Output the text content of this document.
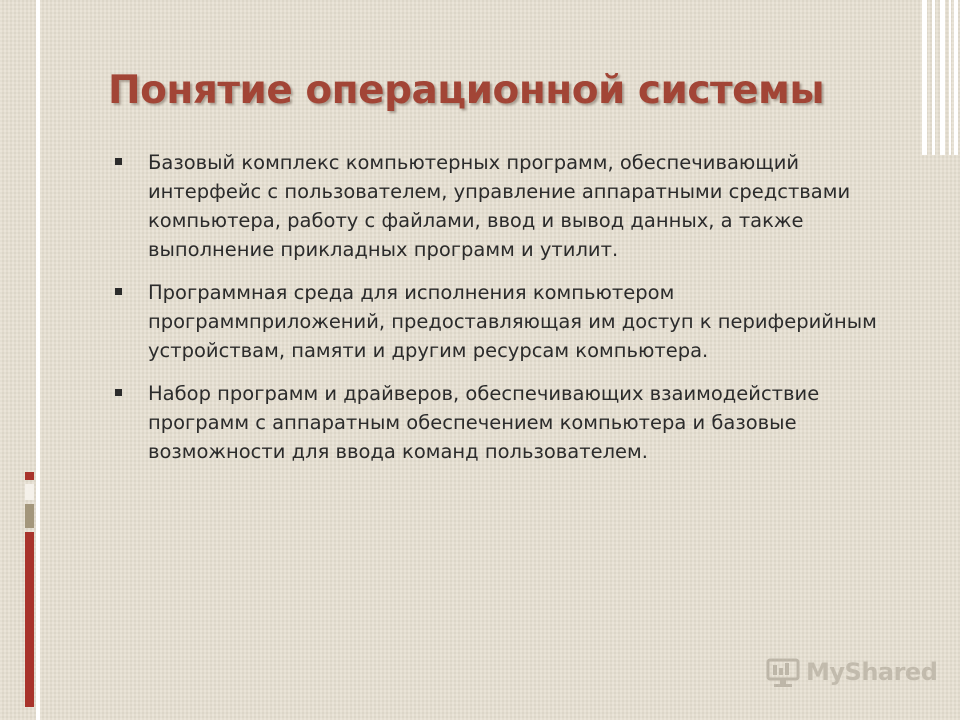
Понятие операционной системы
Базовый комплекс компьютерных программ, обеспечивающий интерфейс с пользователем, управление аппаратными средствами компьютера, работу с файлами, ввод и вывод данных, а также выполнение прикладных программ и утилит.
Программная среда для исполнения компьютером программприложений, предоставляющая им доступ к периферийным устройствам, памяти и другим ресурсам компьютера.
Набор программ и драйверов, обеспечивающих взаимодействие программ с аппаратным обеспечением компьютера и базовые возможности для ввода команд пользователем.
MyShared
